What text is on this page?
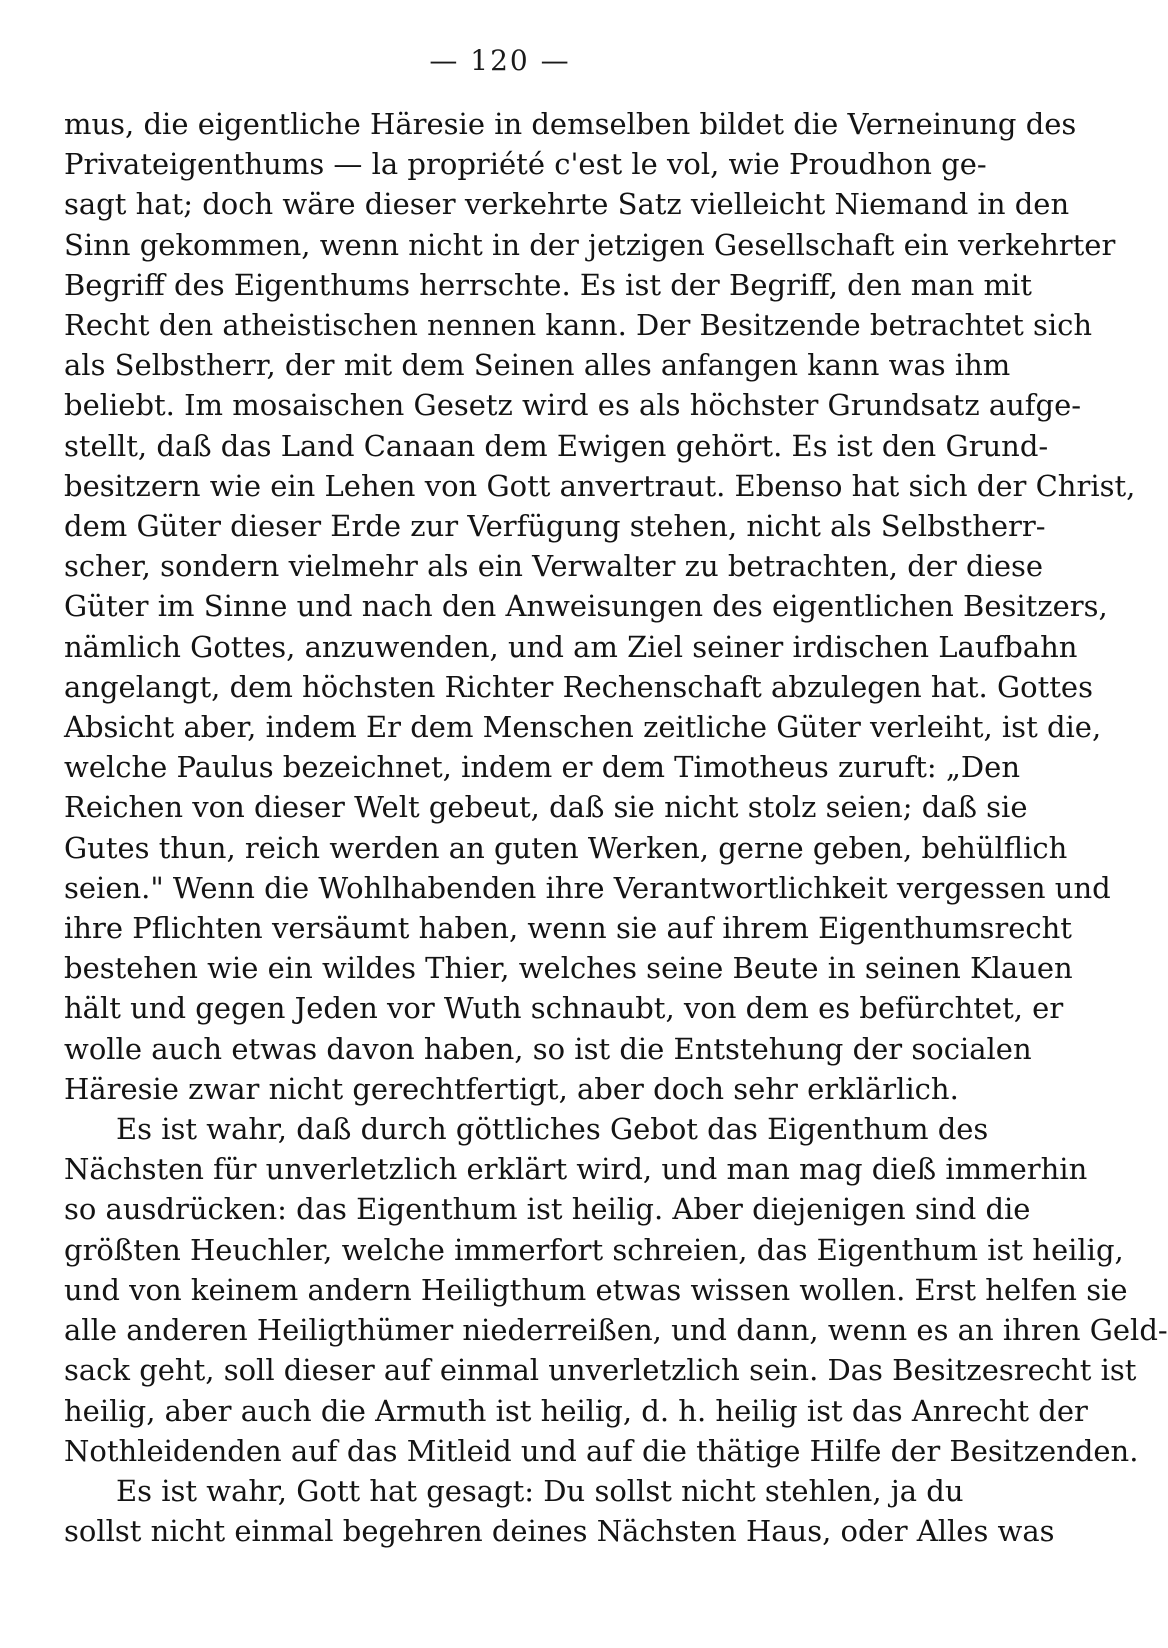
— 120 —
mus, die eigentliche Häresie in demselben bildet die Verneinung des
Privateigenthums — la propriété c'est le vol, wie Proudhon ge-
sagt hat; doch wäre dieser verkehrte Satz vielleicht Niemand in den
Sinn gekommen, wenn nicht in der jetzigen Gesellschaft ein verkehrter
Begriff des Eigenthums herrschte. Es ist der Begriff, den man mit
Recht den atheistischen nennen kann. Der Besitzende betrachtet sich
als Selbstherr, der mit dem Seinen alles anfangen kann was ihm
beliebt. Im mosaischen Gesetz wird es als höchster Grundsatz aufge-
stellt, daß das Land Canaan dem Ewigen gehört. Es ist den Grund-
besitzern wie ein Lehen von Gott anvertraut. Ebenso hat sich der Christ,
dem Güter dieser Erde zur Verfügung stehen, nicht als Selbstherr-
scher, sondern vielmehr als ein Verwalter zu betrachten, der diese
Güter im Sinne und nach den Anweisungen des eigentlichen Besitzers,
nämlich Gottes, anzuwenden, und am Ziel seiner irdischen Laufbahn
angelangt, dem höchsten Richter Rechenschaft abzulegen hat. Gottes
Absicht aber, indem Er dem Menschen zeitliche Güter verleiht, ist die,
welche Paulus bezeichnet, indem er dem Timotheus zuruft: „Den
Reichen von dieser Welt gebeut, daß sie nicht stolz seien; daß sie
Gutes thun, reich werden an guten Werken, gerne geben, behülflich
seien." Wenn die Wohlhabenden ihre Verantwortlichkeit vergessen und
ihre Pflichten versäumt haben, wenn sie auf ihrem Eigenthumsrecht
bestehen wie ein wildes Thier, welches seine Beute in seinen Klauen
hält und gegen Jeden vor Wuth schnaubt, von dem es befürchtet, er
wolle auch etwas davon haben, so ist die Entstehung der socialen
Häresie zwar nicht gerechtfertigt, aber doch sehr erklärlich.
Es ist wahr, daß durch göttliches Gebot das Eigenthum des
Nächsten für unverletzlich erklärt wird, und man mag dieß immerhin
so ausdrücken: das Eigenthum ist heilig. Aber diejenigen sind die
größten Heuchler, welche immerfort schreien, das Eigenthum ist heilig,
und von keinem andern Heiligthum etwas wissen wollen. Erst helfen sie
alle anderen Heiligthümer niederreißen, und dann, wenn es an ihren Geld-
sack geht, soll dieser auf einmal unverletzlich sein. Das Besitzesrecht ist
heilig, aber auch die Armuth ist heilig, d. h. heilig ist das Anrecht der
Nothleidenden auf das Mitleid und auf die thätige Hilfe der Besitzenden.
Es ist wahr, Gott hat gesagt: Du sollst nicht stehlen, ja du
sollst nicht einmal begehren deines Nächsten Haus, oder Alles was
